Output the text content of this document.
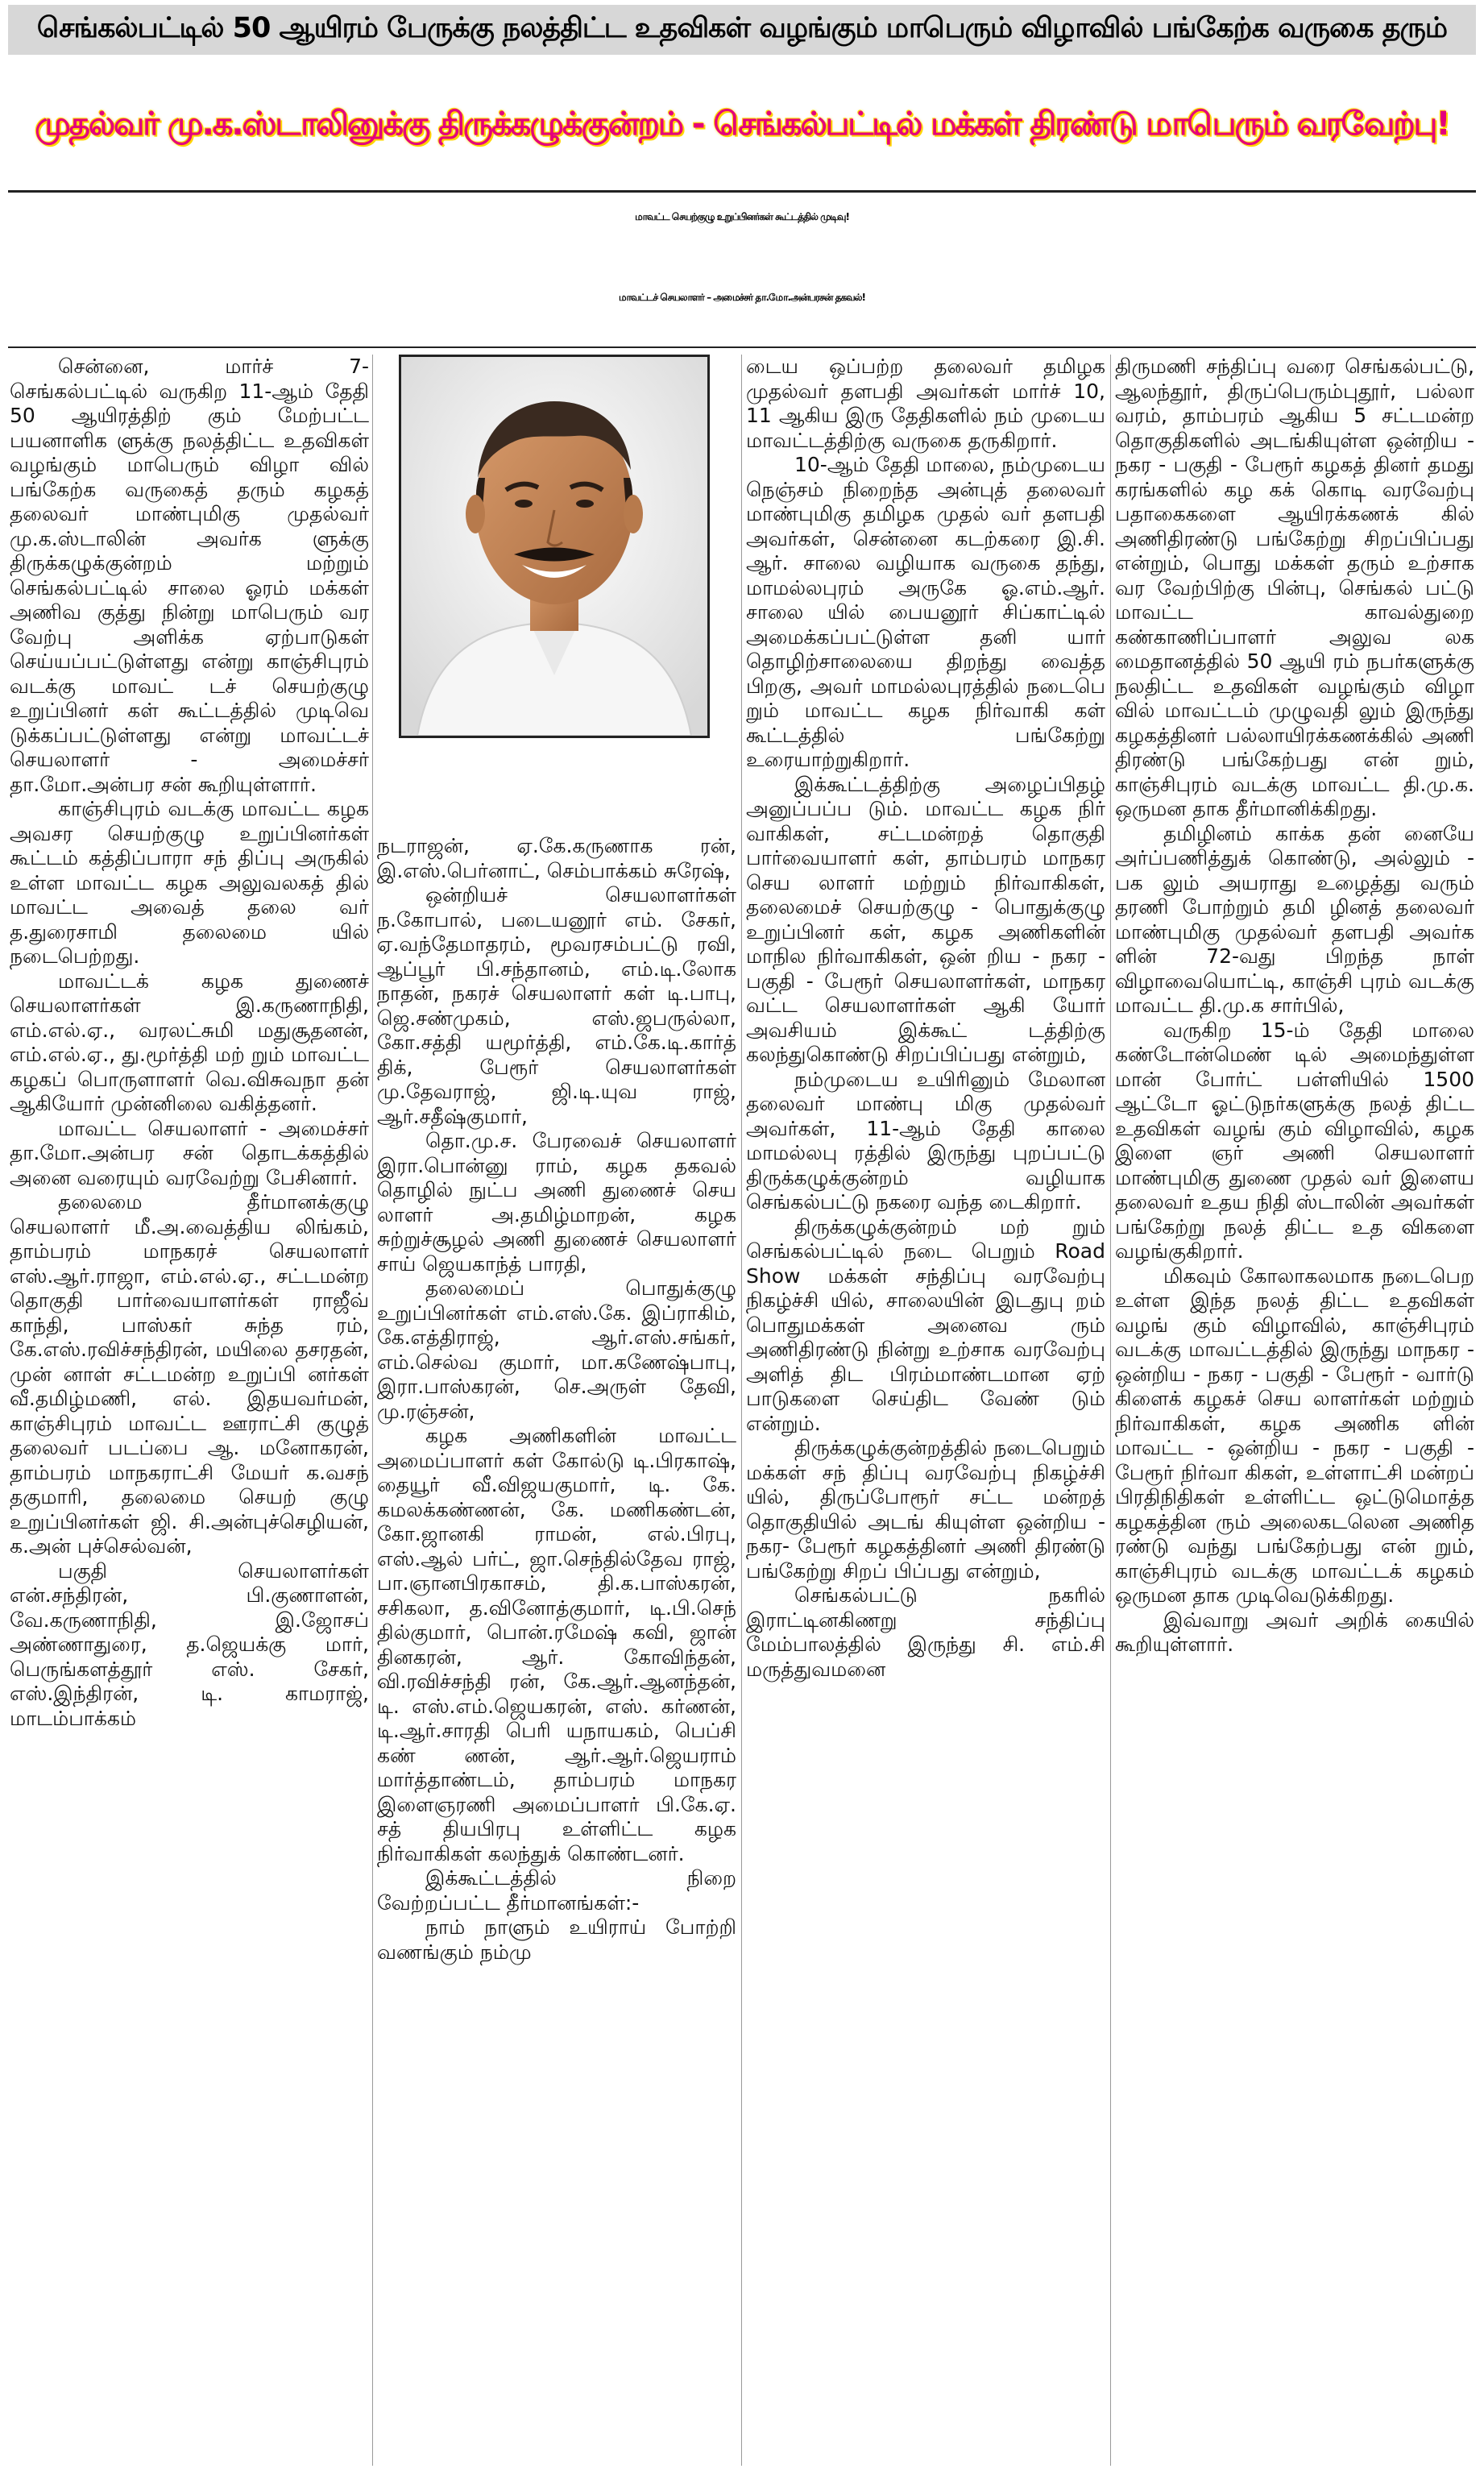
செங்கல்பட்டில் 50 ஆயிரம் பேருக்கு நலத்திட்ட உதவிகள் வழங்கும் மாபெரும் விழாவில் பங்கேற்க வருகை தரும்
முதல்வர் மு.க.ஸ்டாலினுக்கு திருக்கழுக்குன்றம் - செங்கல்பட்டில் மக்கள் திரண்டு மாபெரும் வரவேற்பு!
மாவட்ட செயற்குழு உறுப்பினர்கள் கூட்டத்தில் முடிவு!
மாவட்டச் செயலாளர் – அமைச்சர் தா.மோ.அன்பரசன் தகவல்!

சென்னை, மார்ச் 7- செங்கல்பட்டில் வருகிற 11-ஆம் தேதி 50 ஆயிரத்திற் கும் மேற்பட்ட பயனாளிக ளுக்கு நலத்திட்ட உதவிகள் வழங்கும் மாபெரும் விழா வில் பங்கேற்க வருகைத் தரும் கழகத் தலைவர் மாண்புமிகு முதல்வர் மு.க.ஸ்டாலின் அவர்க ளுக்கு திருக்கழுக்குன்றம் மற்றும் செங்கல்பட்டில் சாலை ஓரம் மக்கள் அணிவ குத்து நின்று மாபெரும் வர வேற்பு அளிக்க ஏற்பாடுகள் செய்யப்பட்டுள்ளது என்று காஞ்சிபுரம் வடக்கு மாவட் டச் செயற்குழு உறுப்பினர் கள் கூட்டத்தில் முடிவெ டுக்கப்பட்டுள்ளது என்று மாவட்டச் செயலாளர் - அமைச்சர் தா.மோ.அன்பர சன் கூறியுள்ளார்.

காஞ்சிபுரம் வடக்கு மாவட்ட கழக அவசர செயற்குழு உறுப்பினர்கள் கூட்டம் கத்திப்பாரா சந் திப்பு அருகில் உள்ள மாவட்ட கழக அலுவலகத் தில் மாவட்ட அவைத் தலை வர் த.துரைசாமி தலைமை யில் நடைபெற்றது.

மாவட்டக் கழக துணைச் செயலாளர்கள் இ.கருணாநிதி, எம்.எல்.ஏ., வரலட்சுமி மதுசூதனன், எம்.எல்.ஏ., து.மூர்த்தி மற் றும் மாவட்ட கழகப் பொருளாளர் வெ.விசுவநா தன் ஆகியோர் முன்னிலை வகித்தனர்.

மாவட்ட செயலாளர் - அமைச்சர் தா.மோ.அன்பர சன் தொடக்கத்தில் அனை வரையும் வரவேற்று பேசினார்.

தலைமை தீர்மானக்குழு செயலாளர் மீ.அ.வைத்திய லிங்கம், தாம்பரம் மாநகரச் செயலாளர் எஸ்.ஆர்.ராஜா, எம்.எல்.ஏ., சட்டமன்ற தொகுதி பார்வையாளர்கள் ராஜீவ் காந்தி, பாஸ்கர் சுந்த ரம், கே.எஸ்.ரவிச்சந்திரன், மயிலை தசரதன், முன் னாள் சட்டமன்ற உறுப்பி னர்கள் வீ.தமிழ்மணி, எல். இதயவர்மன், காஞ்சிபுரம் மாவட்ட ஊராட்சி குழுத் தலைவர் படப்பை ஆ. மனோகரன், தாம்பரம் மாநகராட்சி மேயர் க.வசந் தகுமாரி, தலைமை செயற் குழு உறுப்பினர்கள் ஜி. சி.அன்புச்செழியன், க.அன் புச்செல்வன்,

பகுதி செயலாளர்கள் என்.சந்திரன், பி.குணாளன், வே.கருணாநிதி, இ.ஜோசப் அண்ணாதுரை, த.ஜெயக்கு மார், பெருங்களத்தூர் எஸ். சேகர், எஸ்.இந்திரன், டி. காமராஜ், மாடம்பாக்கம்

நடராஜன், ஏ.கே.கருணாக ரன், இ.எஸ்.பெர்னாட், செம்பாக்கம் சுரேஷ்,

ஒன்றியச் செயலாளர்கள் ந.கோபால், படையனூர் எம். சேகர், ஏ.வந்தேமாதரம், மூவரசம்பட்டு ரவி, ஆப்பூர் பி.சந்தானம், எம்.டி.லோக நாதன், நகரச் செயலாளர் கள் டி.பாபு, ஜெ.சண்முகம், எஸ்.ஜபருல்லா, கோ.சத்தி யமூர்த்தி, எம்.கே.டி.கார்த் திக், பேரூர் செயலாளர்கள் மு.தேவராஜ், ஜி.டி.யுவ ராஜ், ஆர்.சதீஷ்குமார்,

தொ.மு.ச. பேரவைச் செயலாளர் இரா.பொன்னு ராம், கழக தகவல் தொழில் நுட்ப அணி துணைச் செய லாளர் அ.தமிழ்மாறன், கழக சுற்றுச்சூழல் அணி துணைச் செயலாளர் சாய் ஜெயகாந்த் பாரதி,

தலைமைப் பொதுக்குழு உறுப்பினர்கள் எம்.எஸ்.கே. இப்ராகிம், கே.எத்திராஜ், ஆர்.எஸ்.சங்கர், எம்.செல்வ குமார், மா.கணேஷ்பாபு, இரா.பாஸ்கரன், செ.அருள் தேவி, மு.ரஞ்சன்,

கழக அணிகளின் மாவட்ட அமைப்பாளர் கள் கோல்டு டி.பிரகாஷ், தையூர் வீ.விஜயகுமார், டி. கே. கமலக்கண்ணன், கே. மணிகண்டன், கோ.ஜானகி ராமன், எல்.பிரபு, எஸ்.ஆல் பர்ட், ஜா.செந்தில்தேவ ராஜ், பா.ஞானபிரகாசம், தி.க.பாஸ்கரன், சசிகலா, த.வினோத்குமார், டி.பி.செந் தில்குமார், பொன்.ரமேஷ் கவி, ஜான் தினகரன், ஆர். கோவிந்தன், வி.ரவிச்சந்தி ரன், கே.ஆர்.ஆனந்தன், டி. எஸ்.எம்.ஜெயகரன், எஸ். கர்ணன், டி.ஆர்.சாரதி பெரி யநாயகம், பெப்சி கண் ணன், ஆர்.ஆர்.ஜெயராம் மார்த்தாண்டம், தாம்பரம் மாநகர இளைஞரணி அமைப்பாளர் பி.கே.ஏ. சத் தியபிரபு உள்ளிட்ட கழக நிர்வாகிகள் கலந்துக் கொண்டனர்.

இக்கூட்டத்தில் நிறை வேற்றப்பட்ட தீர்மானங்கள்:-

நாம் நாளும் உயிராய் போற்றி வணங்கும் நம்மு

டைய ஒப்பற்ற தலைவர் தமிழக முதல்வர் தளபதி அவர்கள் மார்ச் 10, 11 ஆகிய இரு தேதிகளில் நம் முடைய மாவட்டத்திற்கு வருகை தருகிறார்.

10-ஆம் தேதி மாலை, நம்முடைய நெஞ்சம் நிறைந்த அன்புத் தலைவர் மாண்புமிகு தமிழக முதல் வர் தளபதி அவர்கள், சென்னை கடற்கரை இ.சி. ஆர். சாலை வழியாக வருகை தந்து, மாமல்லபுரம் அருகே ஓ.எம்.ஆர். சாலை யில் பையனூர் சிப்காட்டில் அமைக்கப்பட்டுள்ள தனி யார் தொழிற்சாலையை திறந்து வைத்த பிறகு, அவர் மாமல்லபுரத்தில் நடைபெ றும் மாவட்ட கழக நிர்வாகி கள் கூட்டத்தில் பங்கேற்று உரையாற்றுகிறார்.

இக்கூட்டத்திற்கு அழைப்பிதழ் அனுப்பப்ப டும். மாவட்ட கழக நிர் வாகிகள், சட்டமன்றத் தொகுதி பார்வையாளர் கள், தாம்பரம் மாநகர செய லாளர் மற்றும் நிர்வாகிகள், தலைமைச் செயற்குழு - பொதுக்குழு உறுப்பினர் கள், கழக அணிகளின் மாநில நிர்வாகிகள், ஒன் றிய - நகர - பகுதி - பேரூர் செயலாளர்கள், மாநகர வட்ட செயலாளர்கள் ஆகி யோர் அவசியம் இக்கூட் டத்திற்கு கலந்துகொண்டு சிறப்பிப்பது என்றும்,

நம்முடைய உயிரினும் மேலான தலைவர் மாண்பு மிகு முதல்வர் அவர்கள், 11-ஆம் தேதி காலை மாமல்லபு ரத்தில் இருந்து புறப்பட்டு திருக்கழுக்குன்றம் வழியாக செங்கல்பட்டு நகரை வந்த டைகிறார்.

திருக்கழுக்குன்றம் மற் றும் செங்கல்பட்டில் நடை பெறும் Road Show மக்கள் சந்திப்பு வரவேற்பு நிகழ்ச்சி யில், சாலையின் இடதுபு றம் பொதுமக்கள் அனைவ ரும் அணிதிரண்டு நின்று உற்சாக வரவேற்பு அளித் திட பிரம்மாண்டமான ஏற் பாடுகளை செய்திட வேண் டும் என்றும்.

திருக்கழுக்குன்றத்தில் நடைபெறும் மக்கள் சந் திப்பு வரவேற்பு நிகழ்ச்சி யில், திருப்போரூர் சட்ட மன்றத் தொகுதியில் அடங் கியுள்ள ஒன்றிய - நகர- பேரூர் கழகத்தினர் அணி திரண்டு பங்கேற்று சிறப் பிப்பது என்றும்,

செங்கல்பட்டு நகரில் இராட்டினகிணறு சந்திப்பு மேம்பாலத்தில் இருந்து சி. எம்.சி மருத்துவமனை

திருமணி சந்திப்பு வரை செங்கல்பட்டு, ஆலந்தூர், திருப்பெரும்புதூர், பல்லா வரம், தாம்பரம் ஆகிய 5 சட்டமன்ற தொகுதிகளில் அடங்கியுள்ள ஒன்றிய - நகர - பகுதி - பேரூர் கழகத் தினர் தமது கரங்களில் கழ கக் கொடி வரவேற்பு பதாகைகளை ஆயிரக்கணக் கில் அணிதிரண்டு பங்கேற்று சிறப்பிப்பது என்றும், பொது மக்கள் தரும் உற்சாக வர வேற்பிற்கு பின்பு, செங்கல் பட்டு மாவட்ட காவல்துறை கண்காணிப்பாளர் அலுவ லக மைதானத்தில் 50 ஆயி ரம் நபர்களுக்கு நலதிட்ட உதவிகள் வழங்கும் விழா வில் மாவட்டம் முழுவதி லும் இருந்து கழகத்தினர் பல்லாயிரக்கணக்கில் அணி திரண்டு பங்கேற்பது என் றும், காஞ்சிபுரம் வடக்கு மாவட்ட தி.மு.க. ஒருமன தாக தீர்மானிக்கிறது.

தமிழினம் காக்க தன் னையே அர்ப்பணித்துக் கொண்டு, அல்லும் - பக லும் அயராது உழைத்து வரும் தரணி போற்றும் தமி ழினத் தலைவர் மாண்புமிகு முதல்வர் தளபதி அவர்க ளின் 72-வது பிறந்த நாள் விழாவையொட்டி, காஞ்சி புரம் வடக்கு மாவட்ட தி.மு.க சார்பில்,

வருகிற 15-ம் தேதி மாலை கண்டோன்மெண் டில் அமைந்துள்ள மான் போர்ட் பள்ளியில் 1500 ஆட்டோ ஓட்டுநர்களுக்கு நலத் திட்ட உதவிகள் வழங் கும் விழாவில், கழக இளை ஞர் அணி செயலாளர் மாண்புமிகு துணை முதல் வர் இளைய தலைவர் உதய நிதி ஸ்டாலின் அவர்கள் பங்கேற்று நலத் திட்ட உத விகளை வழங்குகிறார்.

மிகவும் கோலாகலமாக நடைபெற உள்ள இந்த நலத் திட்ட உதவிகள் வழங் கும் விழாவில், காஞ்சிபுரம் வடக்கு மாவட்டத்தில் இருந்து மாநகர - ஒன்றிய - நகர - பகுதி - பேரூர் - வார்டு கிளைக் கழகச் செய லாளர்கள் மற்றும் நிர்வாகிகள், கழக அணிக ளின் மாவட்ட - ஒன்றிய - நகர - பகுதி - பேரூர் நிர்வா கிகள், உள்ளாட்சி மன்றப் பிரதிநிதிகள் உள்ளிட்ட ஒட்டுமொத்த கழகத்தின ரும் அலைகடலென அணித ரண்டு வந்து பங்கேற்பது என் றும், காஞ்சிபுரம் வடக்கு மாவட்டக் கழகம் ஒருமன தாக முடிவெடுக்கிறது.

இவ்வாறு அவர் அறிக் கையில் கூறியுள்ளார்.
